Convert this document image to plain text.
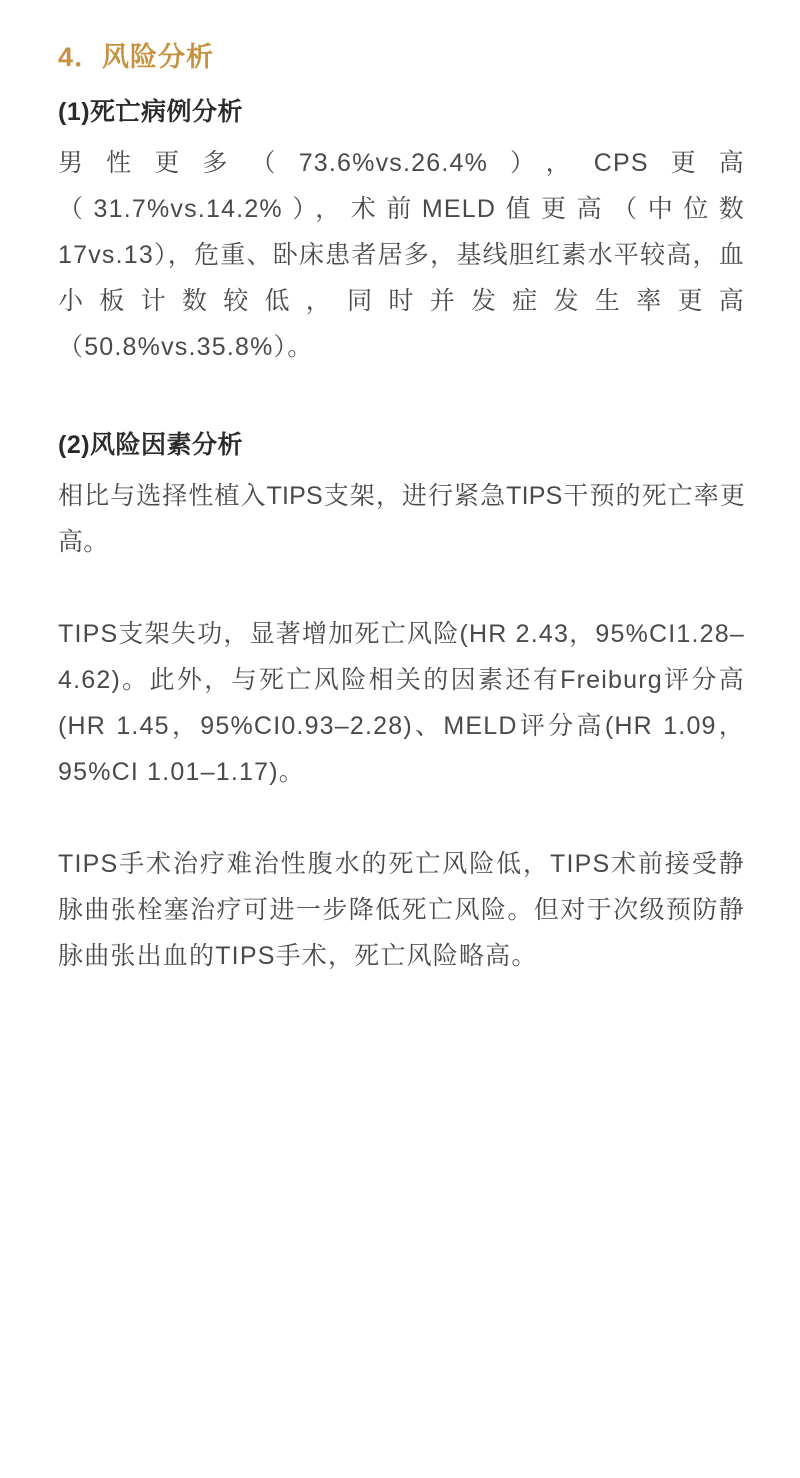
4．风险分析
(1)死亡病例分析

男性更多（73.6%vs.26.4%），CPS更高（31.7%vs.14.2%），术前MELD值更高（中位数17vs.13），危重、卧床患者居多，基线胆红素水平较高，血小板计数较低，同时并发症发生率更高（50.8%vs.35.8%）。

(2)风险因素分析

相比与选择性植入TIPS支架，进行紧急TIPS干预的死亡率更高。

TIPS支架失功，显著增加死亡风险(HR 2.43，95%CI1.28–4.62)。此外，与死亡风险相关的因素还有Freiburg评分高(HR 1.45，95%CI0.93–2.28)、MELD评分高(HR 1.09，95%CI 1.01–1.17)。

TIPS手术治疗难治性腹水的死亡风险低，TIPS术前接受静脉曲张栓塞治疗可进一步降低死亡风险。但对于次级预防静脉曲张出血的TIPS手术，死亡风险略高。
